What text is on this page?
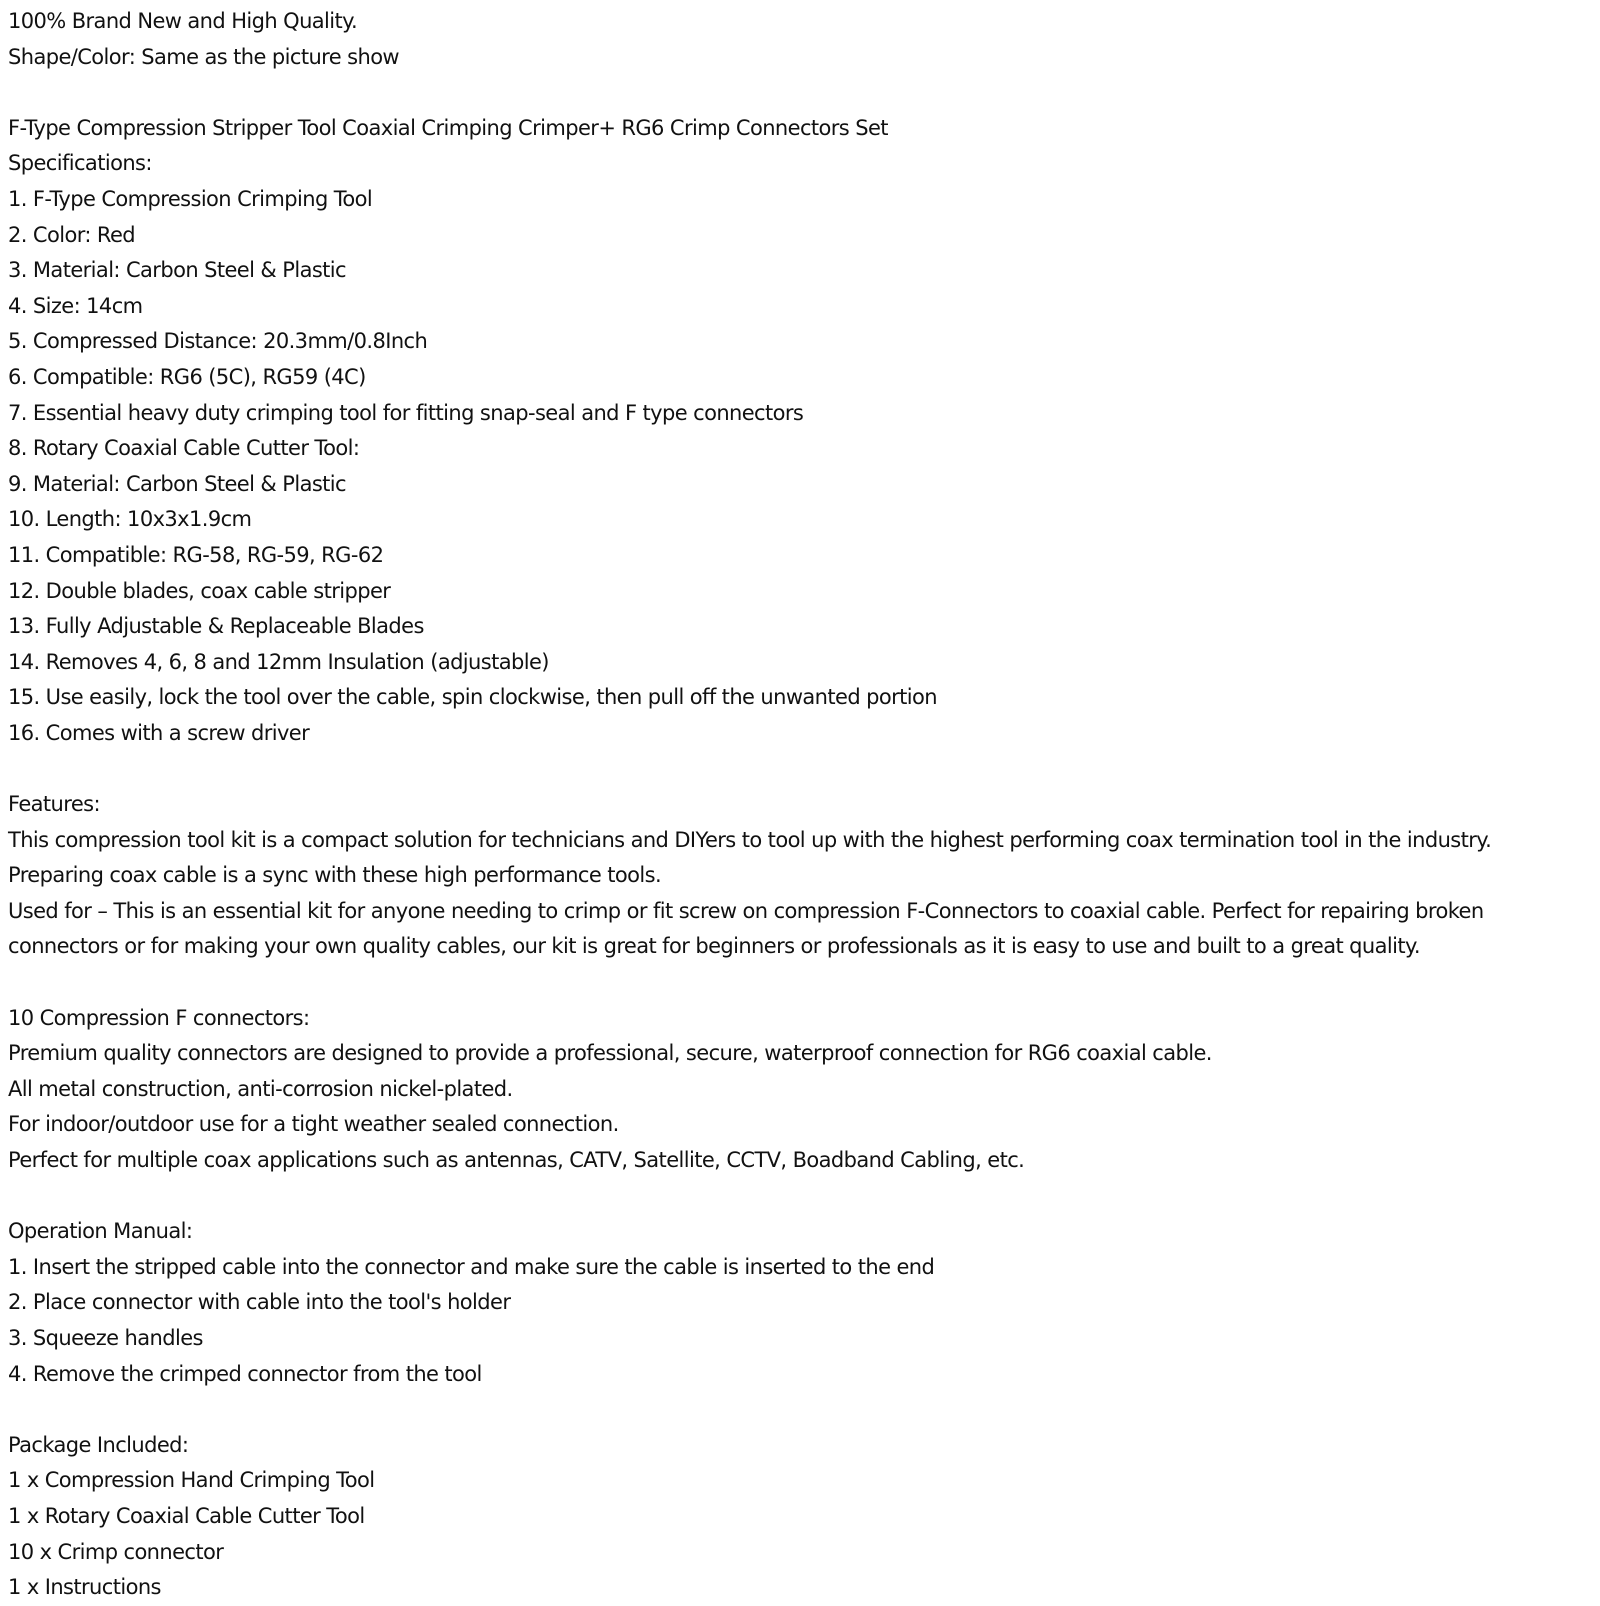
100% Brand New and High Quality.
Shape/Color: Same as the picture show
F-Type Compression Stripper Tool Coaxial Crimping Crimper+ RG6 Crimp Connectors Set
Specifications:
1. F-Type Compression Crimping Tool
2. Color: Red
3. Material: Carbon Steel & Plastic
4. Size: 14cm
5. Compressed Distance: 20.3mm/0.8Inch
6. Compatible: RG6 (5C), RG59 (4C)
7. Essential heavy duty crimping tool for fitting snap-seal and F type connectors
8. Rotary Coaxial Cable Cutter Tool:
9. Material: Carbon Steel & Plastic
10. Length: 10x3x1.9cm
11. Compatible: RG-58, RG-59, RG-62
12. Double blades, coax cable stripper
13. Fully Adjustable & Replaceable Blades
14. Removes 4, 6, 8 and 12mm Insulation (adjustable)
15. Use easily, lock the tool over the cable, spin clockwise, then pull off the unwanted portion
16. Comes with a screw driver
Features:
This compression tool kit is a compact solution for technicians and DIYers to tool up with the highest performing coax termination tool in the industry.
Preparing coax cable is a sync with these high performance tools.
Used for – This is an essential kit for anyone needing to crimp or fit screw on compression F-Connectors to coaxial cable. Perfect for repairing broken connectors or for making your own quality cables, our kit is great for beginners or professionals as it is easy to use and built to a great quality.
10 Compression F connectors:
Premium quality connectors are designed to provide a professional, secure, waterproof connection for RG6 coaxial cable.
All metal construction, anti-corrosion nickel-plated.
For indoor/outdoor use for a tight weather sealed connection.
Perfect for multiple coax applications such as antennas, CATV, Satellite, CCTV, Boadband Cabling, etc.
Operation Manual:
1. Insert the stripped cable into the connector and make sure the cable is inserted to the end
2. Place connector with cable into the tool's holder
3. Squeeze handles
4. Remove the crimped connector from the tool
Package Included:
1 x Compression Hand Crimping Tool
1 x Rotary Coaxial Cable Cutter Tool
10 x Crimp connector
1 x Instructions
